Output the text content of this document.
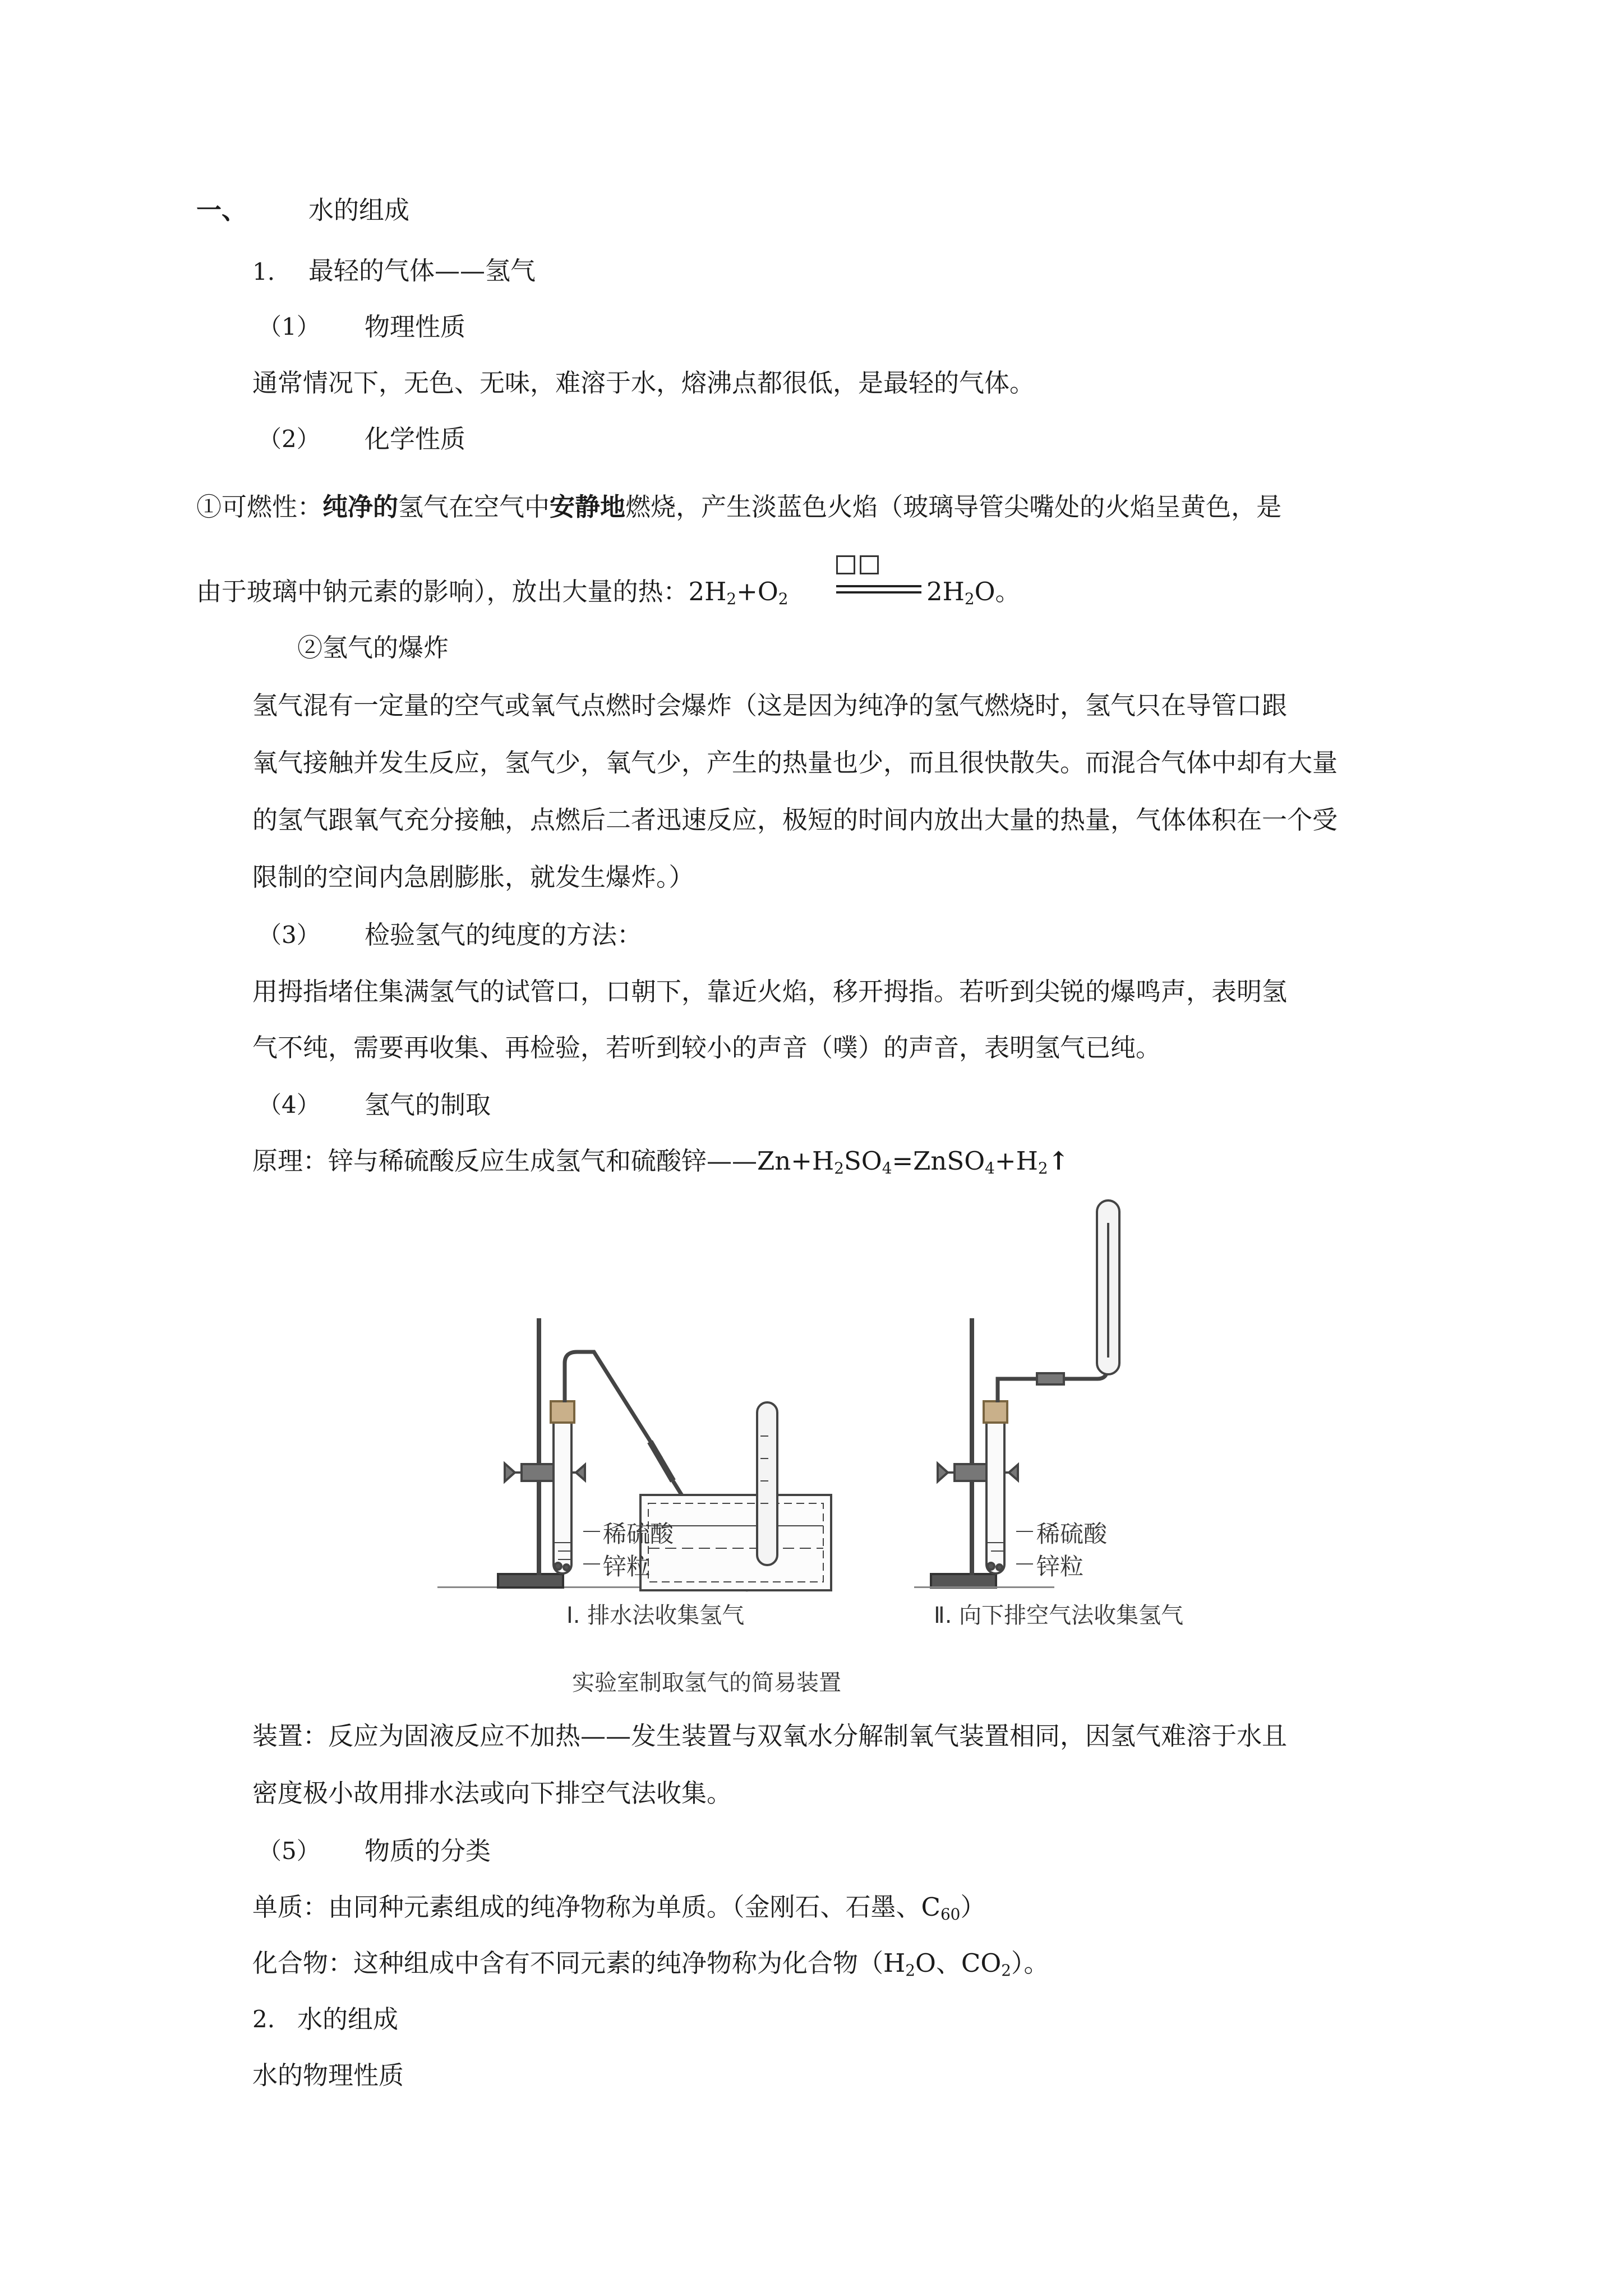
一、 水的组成
1. 最轻的气体——氢气
（1） 物理性质
通常情况下，无色、无味，难溶于水，熔沸点都很低，是最轻的气体。
（2） 化学性质
①可燃性：纯净的氢气在空气中安静地燃烧，产生淡蓝色火焰（玻璃导管尖嘴处的火焰呈黄色，是
由于玻璃中钠元素的影响），放出大量的热：$2H_2+O_2$	$2H_2O$。
②氢气的爆炸
氢气混有一定量的空气或氧气点燃时会爆炸（这是因为纯净的氢气燃烧时，氢气只在导管口跟
氧气接触并发生反应，氢气少，氧气少，产生的热量也少，而且很快散失。而混合气体中却有大量
的氢气跟氧气充分接触，点燃后二者迅速反应，极短的时间内放出大量的热量，气体体积在一个受
限制的空间内急剧膨胀，就发生爆炸。）
（3） 检验氢气的纯度的方法：
用拇指堵住集满氢气的试管口，口朝下，靠近火焰，移开拇指。若听到尖锐的爆鸣声，表明氢
气不纯，需要再收集、再检验，若听到较小的声音（噗）的声音，表明氢气已纯。
（4） 氢气的制取
原理：锌与稀硫酸反应生成氢气和硫酸锌$——Zn+H_2SO_4=ZnSO_4+H_2↑$
稀硫酸
锌粒
稀硫酸
锌粒
Ⅰ. 排水法收集氢气	Ⅱ. 向下排空气法收集氢气
实验室制取氢气的简易装置
装置：反应为固液反应不加热——发生装置与双氧水分解制氧气装置相同，因氢气难溶于水且
密度极小故用排水法或向下排空气法收集。
（5） 物质的分类
单质：由同种元素组成的纯净物称为单质。（金刚石、石墨、$C_{60}$）
化合物：这种组成中含有不同元素的纯净物称为化合物（$H_2O$、$CO_2$）。
2. 水的组成
水的物理性质
